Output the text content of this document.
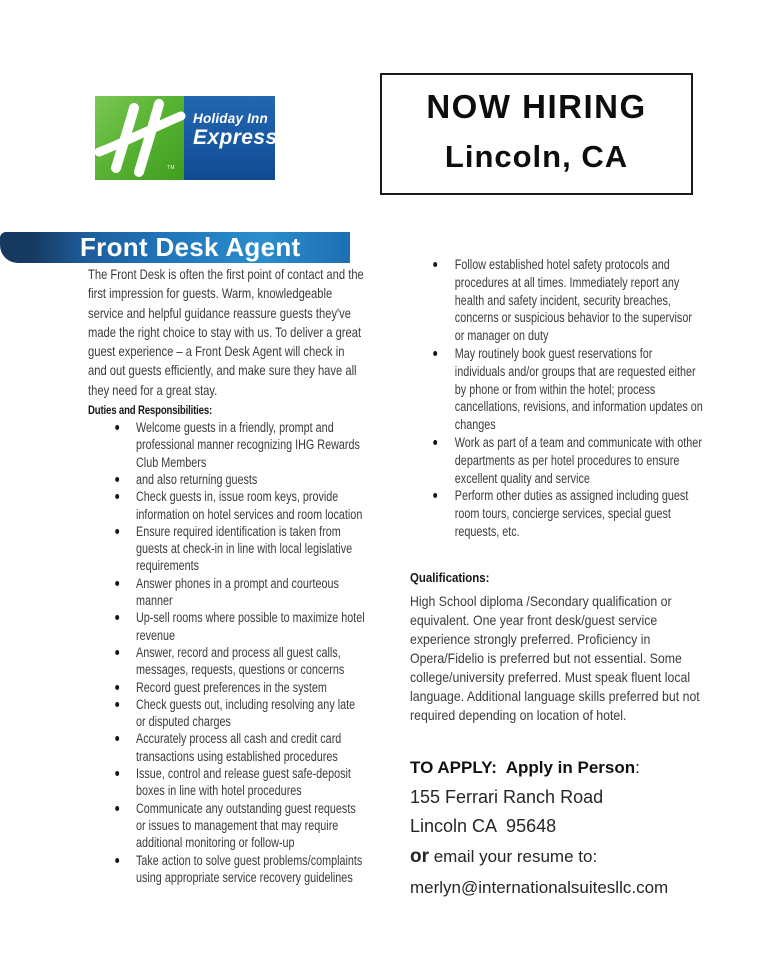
TM
Holiday Inn
Express®
NOW HIRING
Lincoln, CA
Front Desk Agent

The Front Desk is often the first point of contact and the first impression for guests. Warm, knowledgeable service and helpful guidance reassure guests they've made the right choice to stay with us. To deliver a great guest experience – a Front Desk Agent will check in and out guests efficiently, and make sure they have all they need for a great stay.

Duties and Responsibilities:
Welcome guests in a friendly, prompt and professional manner recognizing IHG Rewards Club Members
and also returning guests
Check guests in, issue room keys, provide information on hotel services and room location
Ensure required identification is taken from guests at check-in in line with local legislative requirements
Answer phones in a prompt and courteous manner
Up-sell rooms where possible to maximize hotel revenue
Answer, record and process all guest calls, messages, requests, questions or concerns
Record guest preferences in the system
Check guests out, including resolving any late or disputed charges
Accurately process all cash and credit card transactions using established procedures
Issue, control and release guest safe-deposit boxes in line with hotel procedures
Communicate any outstanding guest requests or issues to management that may require additional monitoring or follow-up
Take action to solve guest problems/complaints using appropriate service recovery guidelines
Follow established hotel safety protocols and procedures at all times. Immediately report any health and safety incident, security breaches, concerns or suspicious behavior to the supervisor or manager on duty
May routinely book guest reservations for individuals and/or groups that are requested either by phone or from within the hotel; process cancellations, revisions, and information updates on changes
Work as part of a team and communicate with other departments as per hotel procedures to ensure excellent quality and service
Perform other duties as assigned including guest room tours, concierge services, special guest requests, etc.
Qualifications:

High School diploma /Secondary qualification or equivalent. One year front desk/guest service experience strongly preferred. Proficiency in Opera/Fidelio is preferred but not essential. Some college/university preferred. Must speak fluent local language. Additional language skills preferred but not required depending on location of hotel.

TO APPLY:  Apply in Person:
155 Ferrari Ranch Road
Lincoln CA  95648
or email your resume to:
merlyn@internationalsuitesllc.com
